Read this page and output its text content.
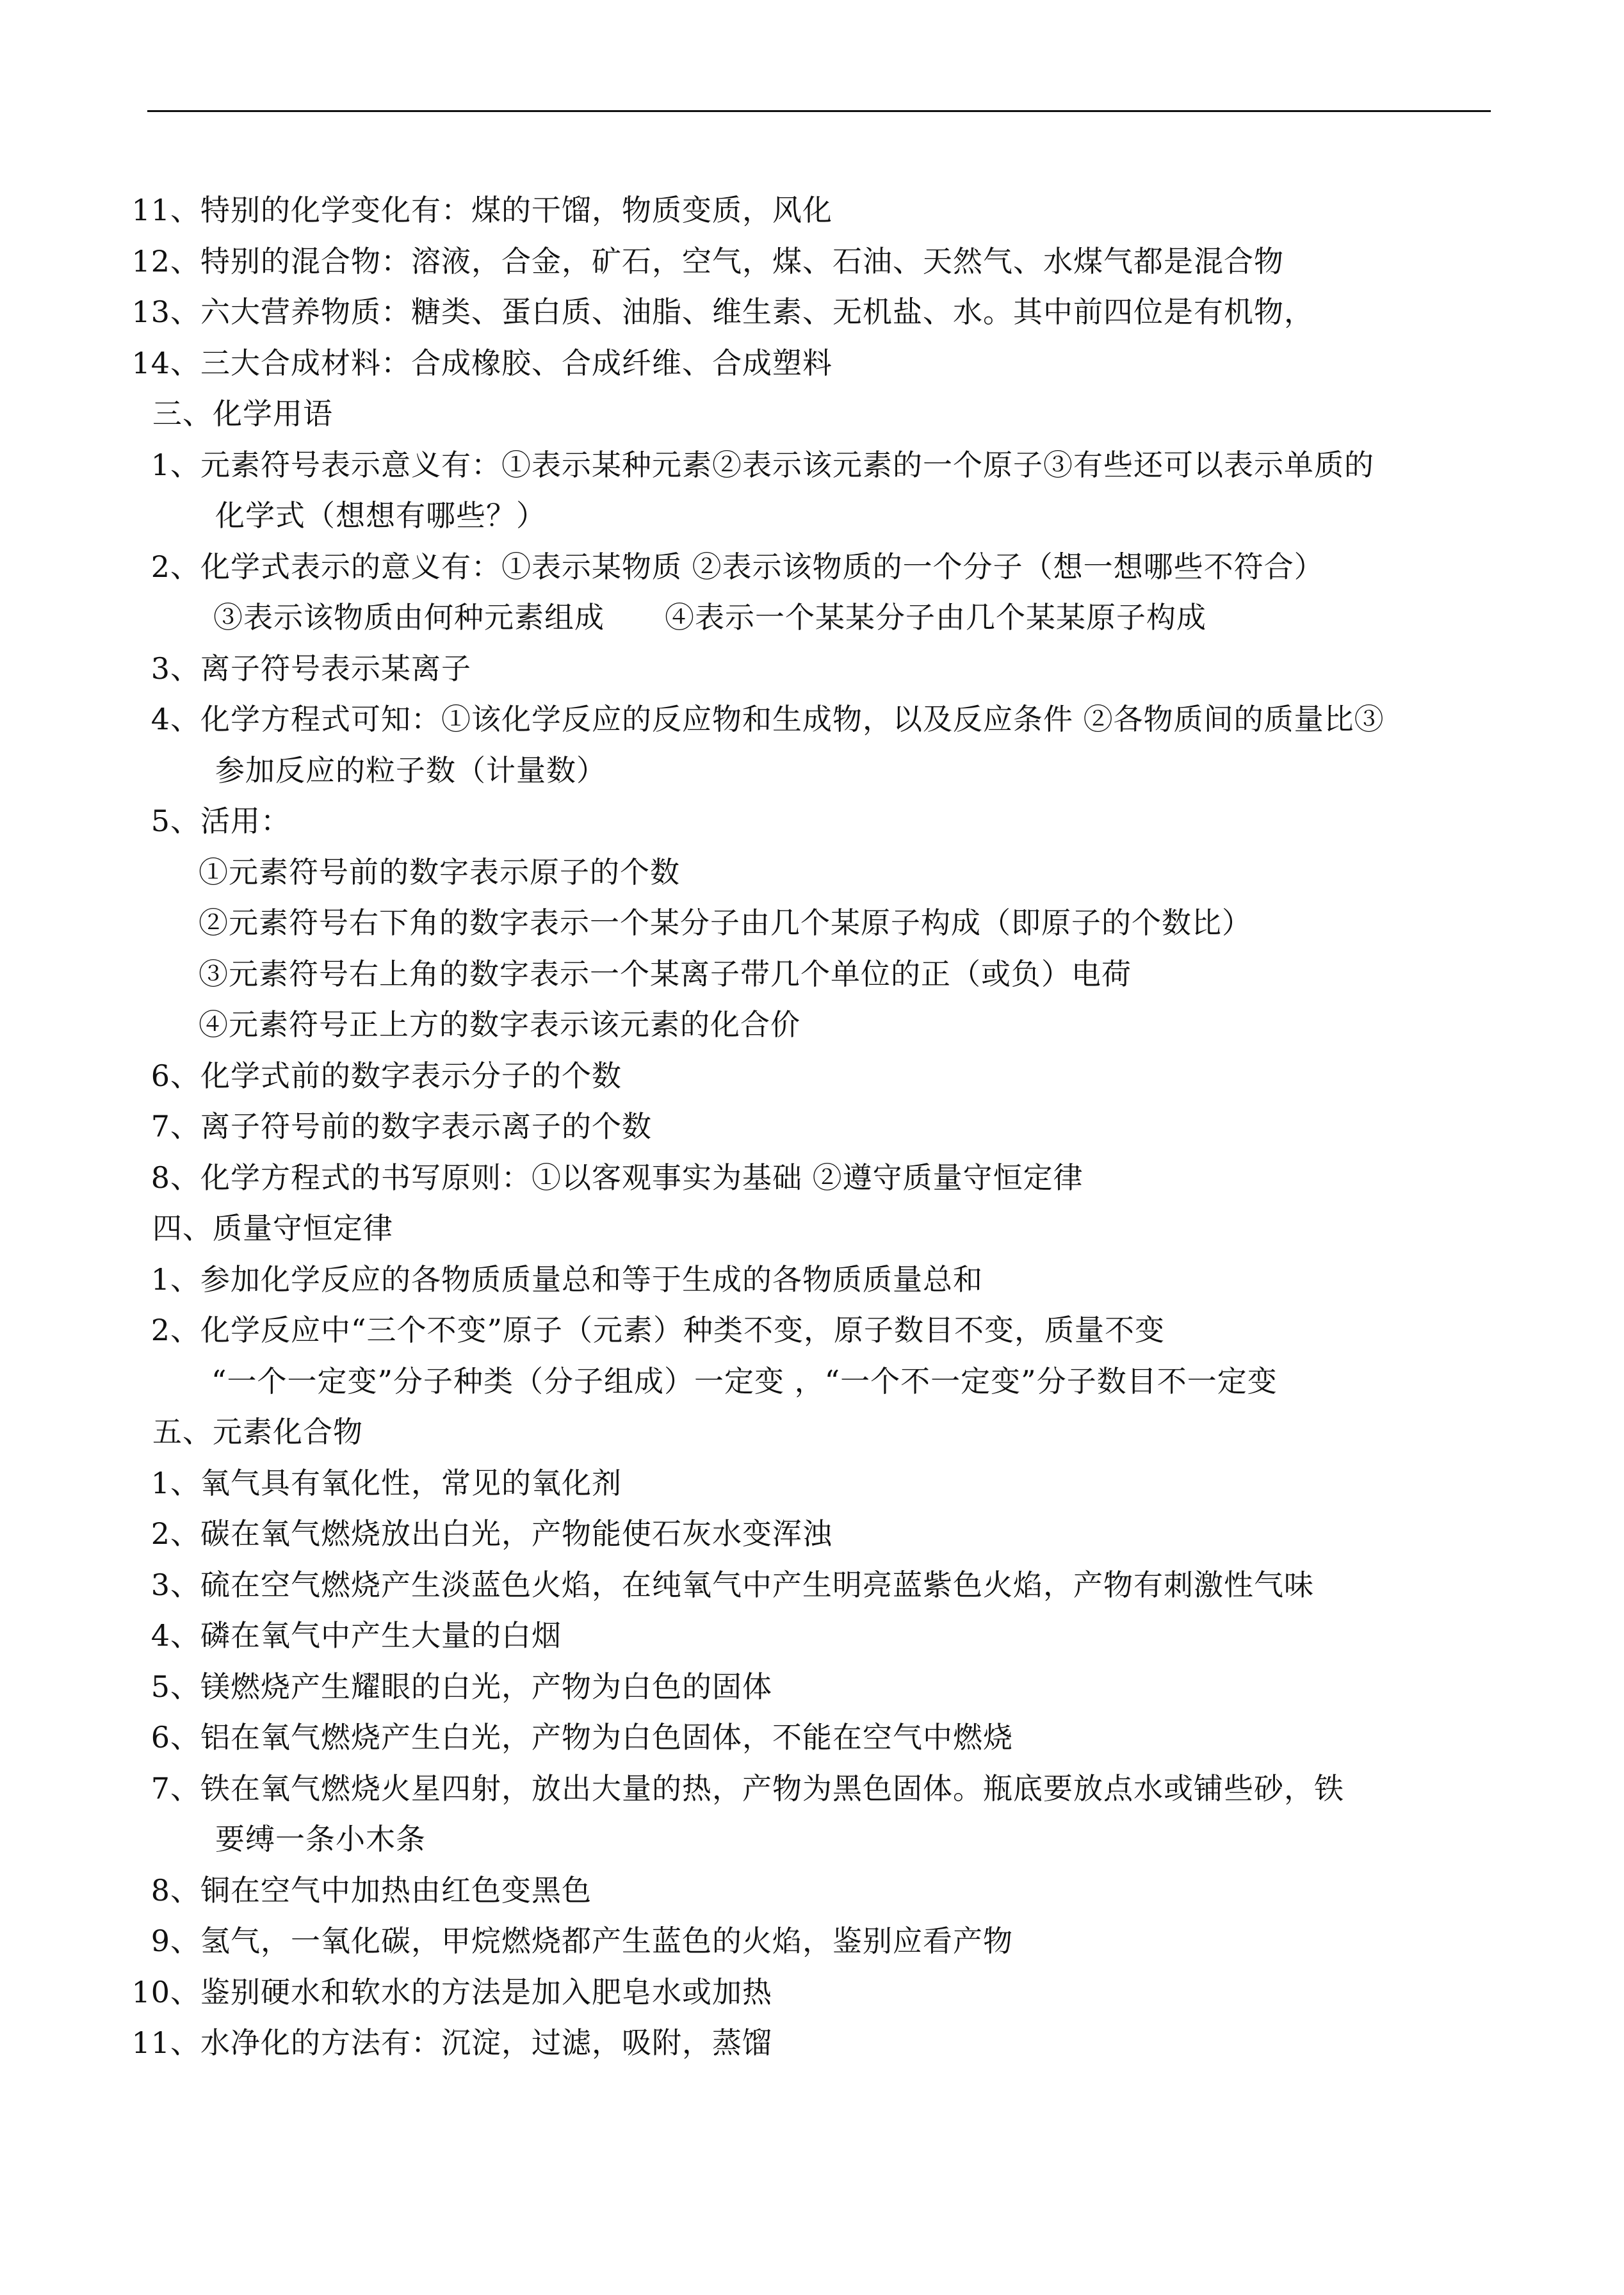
11、 特别的化学变化有：煤的干馏，物质变质，风化
12、 特别的混合物：溶液，合金，矿石，空气，煤、石油、天然气、水煤气都是混合物
13、 六大营养物质：糖类、蛋白质、油脂、维生素、无机盐、水。其中前四位是有机物，
14、 三大合成材料：合成橡胶、合成纤维、合成塑料
三、化学用语
1、 元素符号表示意义有：①表示某种元素②表示该元素的一个原子③有些还可以表示单质的
化学式（想想有哪些？）
2、 化学式表示的意义有：①表示某物质 ②表示该物质的一个分子（想一想哪些不符合）
③表示该物质由何种元素组成　　④表示一个某某分子由几个某某原子构成
3、 离子符号表示某离子
4、 化学方程式可知：①该化学反应的反应物和生成物，以及反应条件 ②各物质间的质量比③
参加反应的粒子数（计量数）
5、 活用：
①元素符号前的数字表示原子的个数
②元素符号右下角的数字表示一个某分子由几个某原子构成（即原子的个数比）
③元素符号右上角的数字表示一个某离子带几个单位的正（或负）电荷
④元素符号正上方的数字表示该元素的化合价
6、 化学式前的数字表示分子的个数
7、 离子符号前的数字表示离子的个数
8、 化学方程式的书写原则：①以客观事实为基础 ②遵守质量守恒定律
四、质量守恒定律
1、 参加化学反应的各物质质量总和等于生成的各物质质量总和
2、 化学反应中“三个不变”原子（元素）种类不变，原子数目不变，质量不变
“一个一定变”分子种类（分子组成）一定变 ，“一个不一定变”分子数目不一定变
五、元素化合物
1、 氧气具有氧化性，常见的氧化剂
2、 碳在氧气燃烧放出白光，产物能使石灰水变浑浊
3、 硫在空气燃烧产生淡蓝色火焰，在纯氧气中产生明亮蓝紫色火焰，产物有刺激性气味
4、 磷在氧气中产生大量的白烟
5、 镁燃烧产生耀眼的白光，产物为白色的固体
6、 铝在氧气燃烧产生白光，产物为白色固体，不能在空气中燃烧
7、 铁在氧气燃烧火星四射，放出大量的热，产物为黑色固体。瓶底要放点水或铺些砂，铁
要缚一条小木条
8、 铜在空气中加热由红色变黑色
9、 氢气，一氧化碳，甲烷燃烧都产生蓝色的火焰，鉴别应看产物
10、 鉴别硬水和软水的方法是加入肥皂水或加热
11、 水净化的方法有：沉淀，过滤，吸附，蒸馏
